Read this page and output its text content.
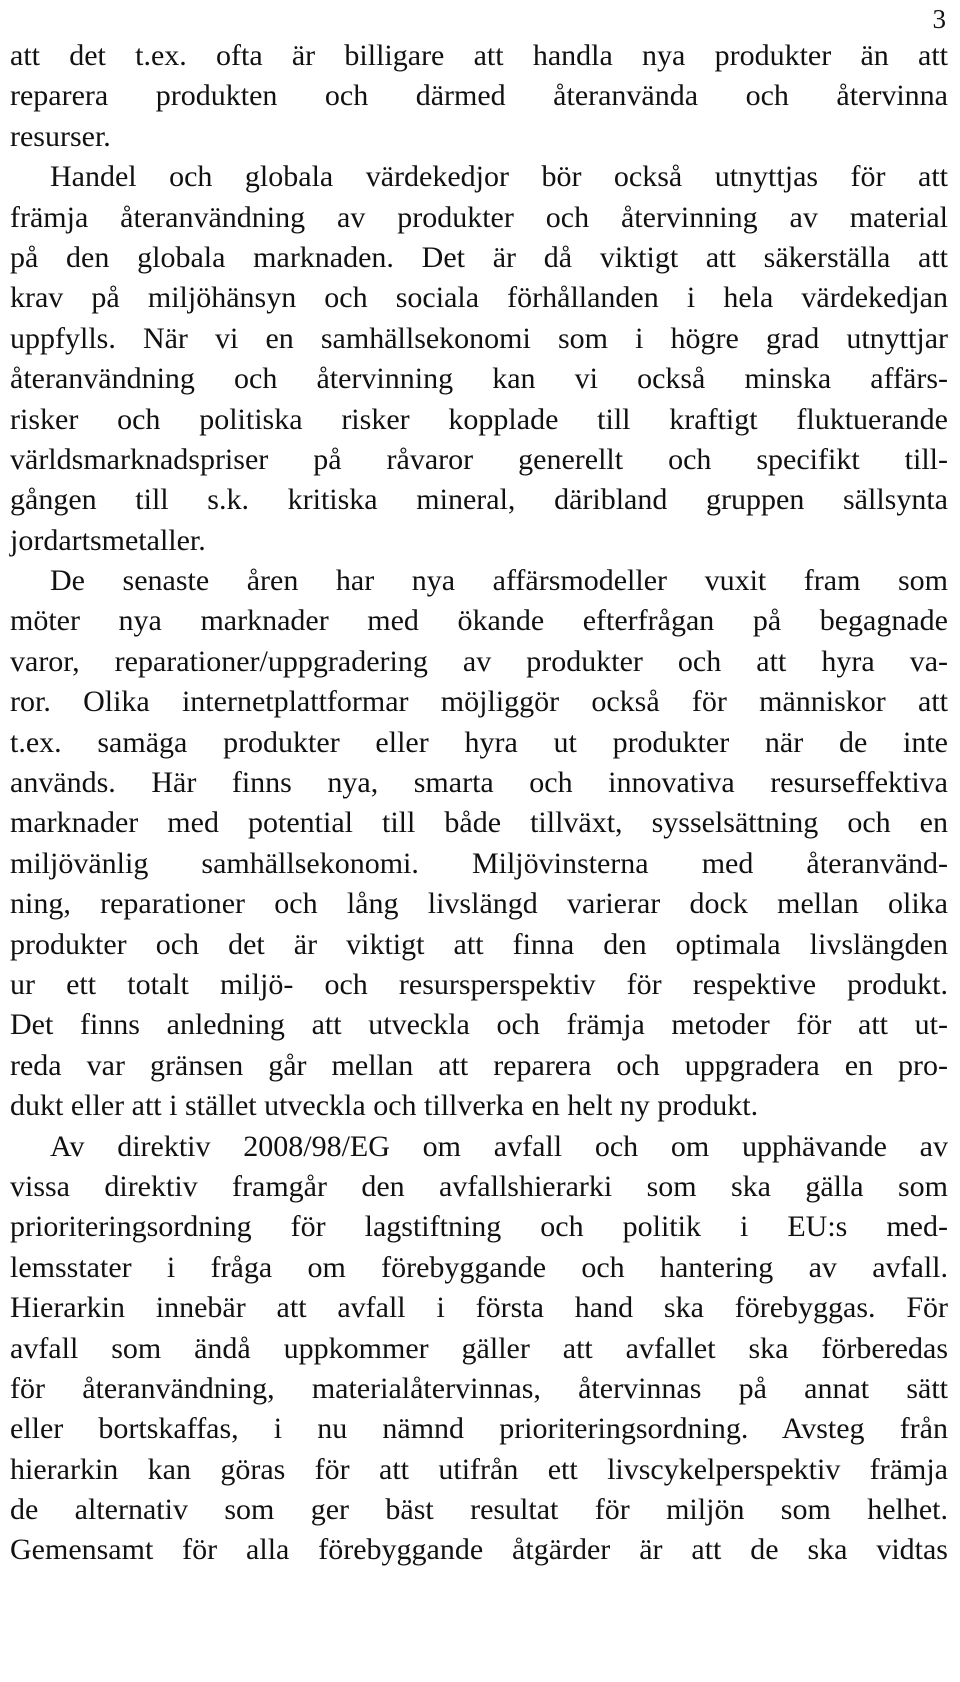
3
att det t.ex. ofta är billigare att handla nya produkter än att
reparera produkten och därmed återanvända och återvinna
resurser.
Handel och globala värdekedjor bör också utnyttjas för att
främja återanvändning av produkter och återvinning av material
på den globala marknaden. Det är då viktigt att säkerställa att
krav på miljöhänsyn och sociala förhållanden i hela värdekedjan
uppfylls. När vi en samhällsekonomi som i högre grad utnyttjar
återanvändning och återvinning kan vi också minska affärs-
risker och politiska risker kopplade till kraftigt fluktuerande
världsmarknadspriser på råvaror generellt och specifikt till-
gången till s.k. kritiska mineral, däribland gruppen sällsynta
jordartsmetaller.
De senaste åren har nya affärsmodeller vuxit fram som
möter nya marknader med ökande efterfrågan på begagnade
varor, reparationer/uppgradering av produkter och att hyra va-
ror. Olika internetplattformar möjliggör också för människor att
t.ex. samäga produkter eller hyra ut produkter när de inte
används. Här finns nya, smarta och innovativa resurseffektiva
marknader med potential till både tillväxt, sysselsättning och en
miljövänlig samhällsekonomi. Miljövinsterna med återanvänd-
ning, reparationer och lång livslängd varierar dock mellan olika
produkter och det är viktigt att finna den optimala livslängden
ur ett totalt miljö- och resursperspektiv för respektive produkt.
Det finns anledning att utveckla och främja metoder för att ut-
reda var gränsen går mellan att reparera och uppgradera en pro-
dukt eller att i stället utveckla och tillverka en helt ny produkt.
Av direktiv 2008/98/EG om avfall och om upphävande av
vissa direktiv framgår den avfallshierarki som ska gälla som
prioriteringsordning för lagstiftning och politik i EU:s med-
lemsstater i fråga om förebyggande och hantering av avfall.
Hierarkin innebär att avfall i första hand ska förebyggas. För
avfall som ändå uppkommer gäller att avfallet ska förberedas
för återanvändning, materialåtervinnas, återvinnas på annat sätt
eller bortskaffas, i nu nämnd prioriteringsordning. Avsteg från
hierarkin kan göras för att utifrån ett livscykelperspektiv främja
de alternativ som ger bäst resultat för miljön som helhet.
Gemensamt för alla förebyggande åtgärder är att de ska vidtas
